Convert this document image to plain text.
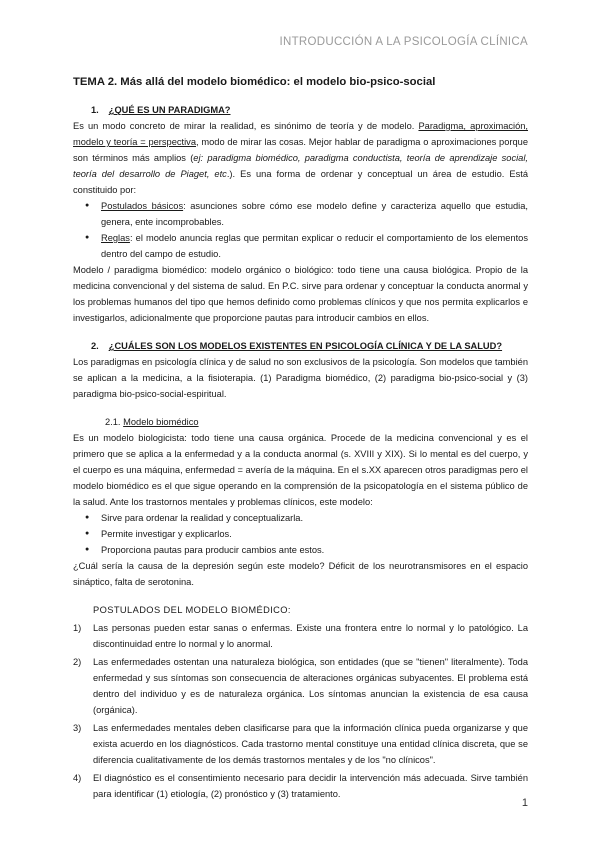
INTRODUCCIÓN A LA PSICOLOGÍA CLÍNICA
TEMA 2. Más allá del modelo biomédico: el modelo bio-psico-social
1. ¿QUÉ ES UN PARADIGMA?

Es un modo concreto de mirar la realidad, es sinónimo de teoría y de modelo. Paradigma, aproximación, modelo y teoría = perspectiva, modo de mirar las cosas. Mejor hablar de paradigma o aproximaciones porque son términos más amplios (ej: paradigma biomédico, paradigma conductista, teoría de aprendizaje social, teoría del desarrollo de Piaget, etc.). Es una forma de ordenar y conceptual un área de estudio. Está constituido por:

● Postulados básicos: asunciones sobre cómo ese modelo define y caracteriza aquello que estudia, genera, ente incomprobables.
● Reglas: el modelo anuncia reglas que permitan explicar o reducir el comportamiento de los elementos dentro del campo de estudio.

Modelo / paradigma biomédico: modelo orgánico o biológico: todo tiene una causa biológica. Propio de la medicina convencional y del sistema de salud. En P.C. sirve para ordenar y conceptuar la conducta anormal y los problemas humanos del tipo que hemos definido como problemas clínicos y que nos permita explicarlos e investigarlos, adicionalmente que proporcione pautas para introducir cambios en ellos.

2. ¿CUÁLES SON LOS MODELOS EXISTENTES EN PSICOLOGÍA CLÍNICA Y DE LA SALUD?

Los paradigmas en psicología clínica y de salud no son exclusivos de la psicología. Son modelos que también se aplican a la medicina, a la fisioterapia. (1) Paradigma biomédico, (2) paradigma bio-psico-social y (3) paradigma bio-psico-social-espiritual.

2.1. Modelo biomédico

Es un modelo biologicista: todo tiene una causa orgánica. Procede de la medicina convencional y es el primero que se aplica a la enfermedad y a la conducta anormal (s. XVIII y XIX). Si lo mental es del cuerpo, y el cuerpo es una máquina, enfermedad = avería de la máquina. En el s.XX aparecen otros paradigmas pero el modelo biomédico es el que sigue operando en la comprensión de la psicopatología en el sistema público de la salud. Ante los trastornos mentales y problemas clínicos, este modelo:

● Sirve para ordenar la realidad y conceptualizarla.
● Permite investigar y explicarlos.
● Proporciona pautas para producir cambios ante estos.

¿Cuál sería la causa de la depresión según este modelo? Déficit de los neurotransmisores en el espacio sináptico, falta de serotonina.

POSTULADOS DEL MODELO BIOMÉDICO:

1) Las personas pueden estar sanas o enfermas. Existe una frontera entre lo normal y lo patológico. La discontinuidad entre lo normal y lo anormal.
2) Las enfermedades ostentan una naturaleza biológica, son entidades (que se "tienen" literalmente). Toda enfermedad y sus síntomas son consecuencia de alteraciones orgánicas subyacentes. El problema está dentro del individuo y es de naturaleza orgánica. Los síntomas anuncian la existencia de esa causa (orgánica).
3) Las enfermedades mentales deben clasificarse para que la información clínica pueda organizarse y que exista acuerdo en los diagnósticos. Cada trastorno mental constituye una entidad clínica discreta, que se diferencia cualitativamente de los demás trastornos mentales y de los "no clínicos".
4) El diagnóstico es el consentimiento necesario para decidir la intervención más adecuada. Sirve también para identificar (1) etiología, (2) pronóstico y (3) tratamiento.
1
